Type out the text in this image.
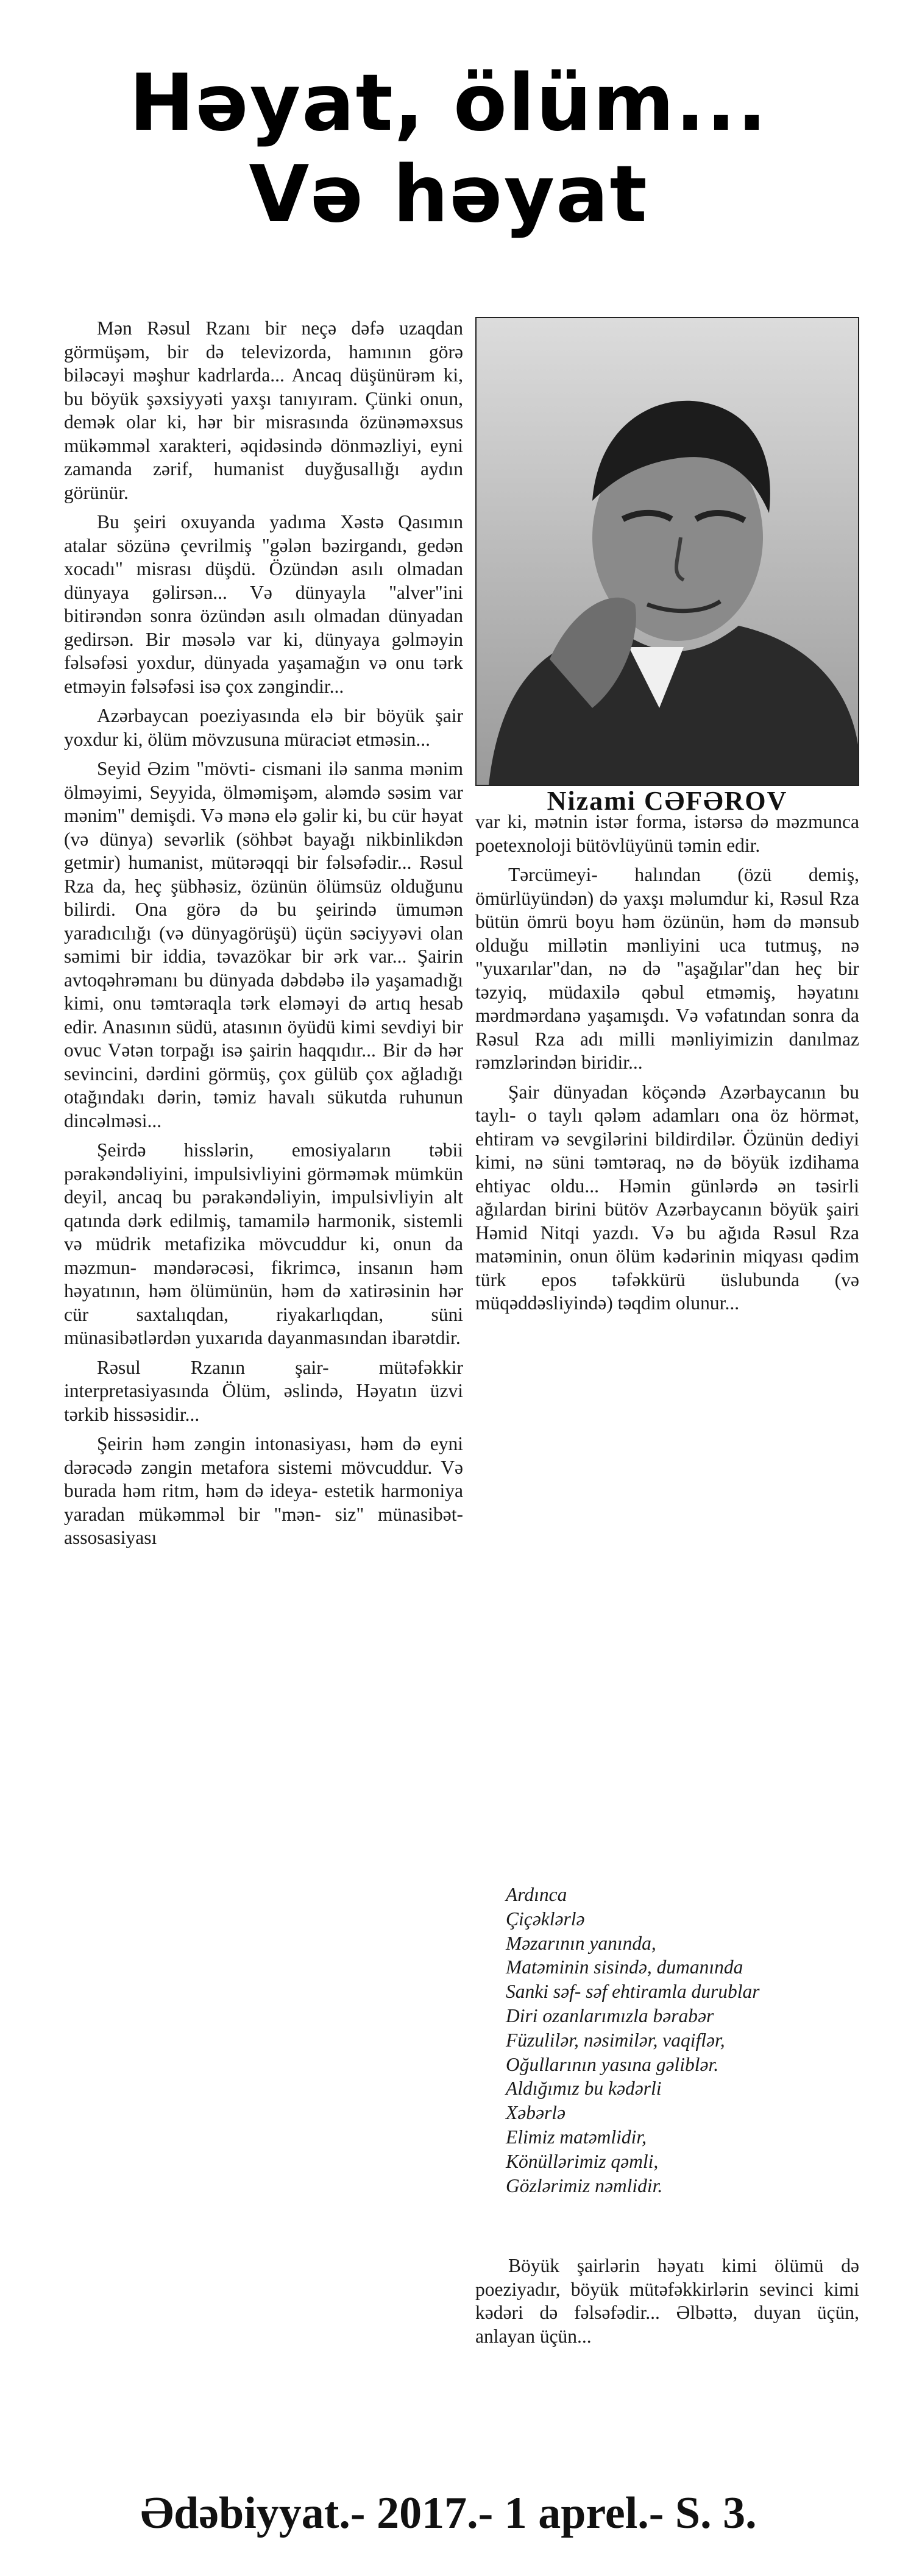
Həyat, ölüm...
Və həyat

Mən Rəsul Rzanı bir neçə dəfə uzaqdan görmüşəm, bir də televizorda, hamının görə biləcəyi məşhur kadrlarda... Ancaq düşünürəm ki, bu böyük şəxsiyyəti yaxşı tanıyıram. Çünki onun, demək olar ki, hər bir misrasında özünəməxsus mükəmməl xarakteri, əqidəsində dönməzliyi, eyni zamanda zərif, humanist duyğusallığı aydın görünür.

Bu şeiri oxuyanda yadıma Xəstə Qasımın atalar sözünə çevrilmiş "gələn bəzirgandı, gedən xocadı" misrası düşdü. Özündən asılı olmadan dünyaya gəlirsən... Və dünyayla "alver"ini bitirəndən sonra özündən asılı olmadan dünyadan gedirsən. Bir məsələ var ki, dünyaya gəlməyin fəlsəfəsi yoxdur, dünyada yaşamağın və onu tərk etməyin fəlsəfəsi isə çox zəngindir...

Azərbaycan poeziyasında elə bir böyük şair yoxdur ki, ölüm mövzusuna müraciət etməsin...

Seyid Əzim "mövti- cismani ilə sanma mənim ölməyimi, Seyyida, ölməmişəm, aləmdə səsim var mənim" demişdi. Və mənə elə gəlir ki, bu cür həyat (və dünya) sevərlik (söhbət bayağı nikbinlikdən getmir) humanist, mütərəqqi bir fəlsəfədir... Rəsul Rza da, heç şübhəsiz, özünün ölümsüz olduğunu bilirdi. Ona görə də bu şeirində ümumən yaradıcılığı (və dünyagörüşü) üçün səciyyəvi olan səmimi bir iddia, təvazökar bir ərk var... Şairin avtoqəhrəmanı bu dünyada dəbdəbə ilə yaşamadığı kimi, onu təmtəraqla tərk eləməyi də artıq hesab edir. Anasının südü, atasının öyüdü kimi sevdiyi bir ovuc Vətən torpağı isə şairin haqqıdır... Bir də hər sevincini, dərdini görmüş, çox gülüb çox ağladığı otağındakı dərin, təmiz havalı sükutda ruhunun dincəlməsi...

Şeirdə hisslərin, emosiyaların təbii pərakəndəliyini, impulsivliyini görməmək mümkün deyil, ancaq bu pərakəndəliyin, impulsivliyin alt qatında dərk edilmiş, tamamilə harmonik, sistemli və müdrik metafizika mövcuddur ki, onun da məzmun- məndərəcəsi, fikrimcə, insanın həm həyatının, həm ölümünün, həm də xatirəsinin hər cür saxtalıqdan, riyakarlıqdan, süni münasibətlərdən yuxarıda dayanmasından ibarətdir.

Rəsul Rzanın şair- mütəfəkkir interpretasiyasında Ölüm, əslində, Həyatın üzvi tərkib hissəsidir...

Şeirin həm zəngin intonasiyası, həm də eyni dərəcədə zəngin metafora sistemi mövcuddur. Və burada həm ritm, həm də ideya- estetik harmoniya yaradan mükəmməl bir "mən- siz" münasibət- assosasiyası

Nizami CƏFƏROV

var ki, mətnin istər forma, istərsə də məzmunca poetexnoloji bütövlüyünü təmin edir.

Tərcümeyi- halından (özü demiş, ömürlüyündən) də yaxşı məlumdur ki, Rəsul Rza bütün ömrü boyu həm özünün, həm də mənsub olduğu millətin mənliyini uca tutmuş, nə "yuxarılar"dan, nə də "aşağılar"dan heç bir təzyiq, müdaxilə qəbul etməmiş, həyatını mərdmərdanə yaşamışdı. Və vəfatından sonra da Rəsul Rza adı milli mənliyimizin danılmaz rəmzlərindən biridir...

Şair dünyadan köçəndə Azərbaycanın bu taylı- o taylı qələm adamları ona öz hörmət, ehtiram və sevgilərini bildirdilər. Özünün dediyi kimi, nə süni təmtəraq, nə də böyük izdihama ehtiyac oldu... Həmin günlərdə ən təsirli ağılardan birini bütöv Azərbaycanın böyük şairi Həmid Nitqi yazdı. Və bu ağıda Rəsul Rza matəminin, onun ölüm kədərinin miqyası qədim türk epos təfəkkürü üslubunda (və müqəddəsliyində) təqdim olunur...

Ardınca
Çiçəklərlə
Məzarının yanında,
Matəminin sisində, dumanında
Sanki səf- səf ehtiramla durublar
Diri ozanlarımızla bərabər
Füzulilər, nəsimilər, vaqiflər,
Oğullarının yasına gəliblər.
Aldığımız bu kədərli
Xəbərlə
Elimiz matəmlidir,
Könüllərimiz qəmli,
Gözlərimiz nəmlidir.

Böyük şairlərin həyatı kimi ölümü də poeziyadır, böyük mütəfəkkirlərin sevinci kimi kədəri də fəlsəfədir... Əlbəttə, duyan üçün, anlayan üçün...

Ədəbiyyat.- 2017.- 1 aprel.- S. 3.
